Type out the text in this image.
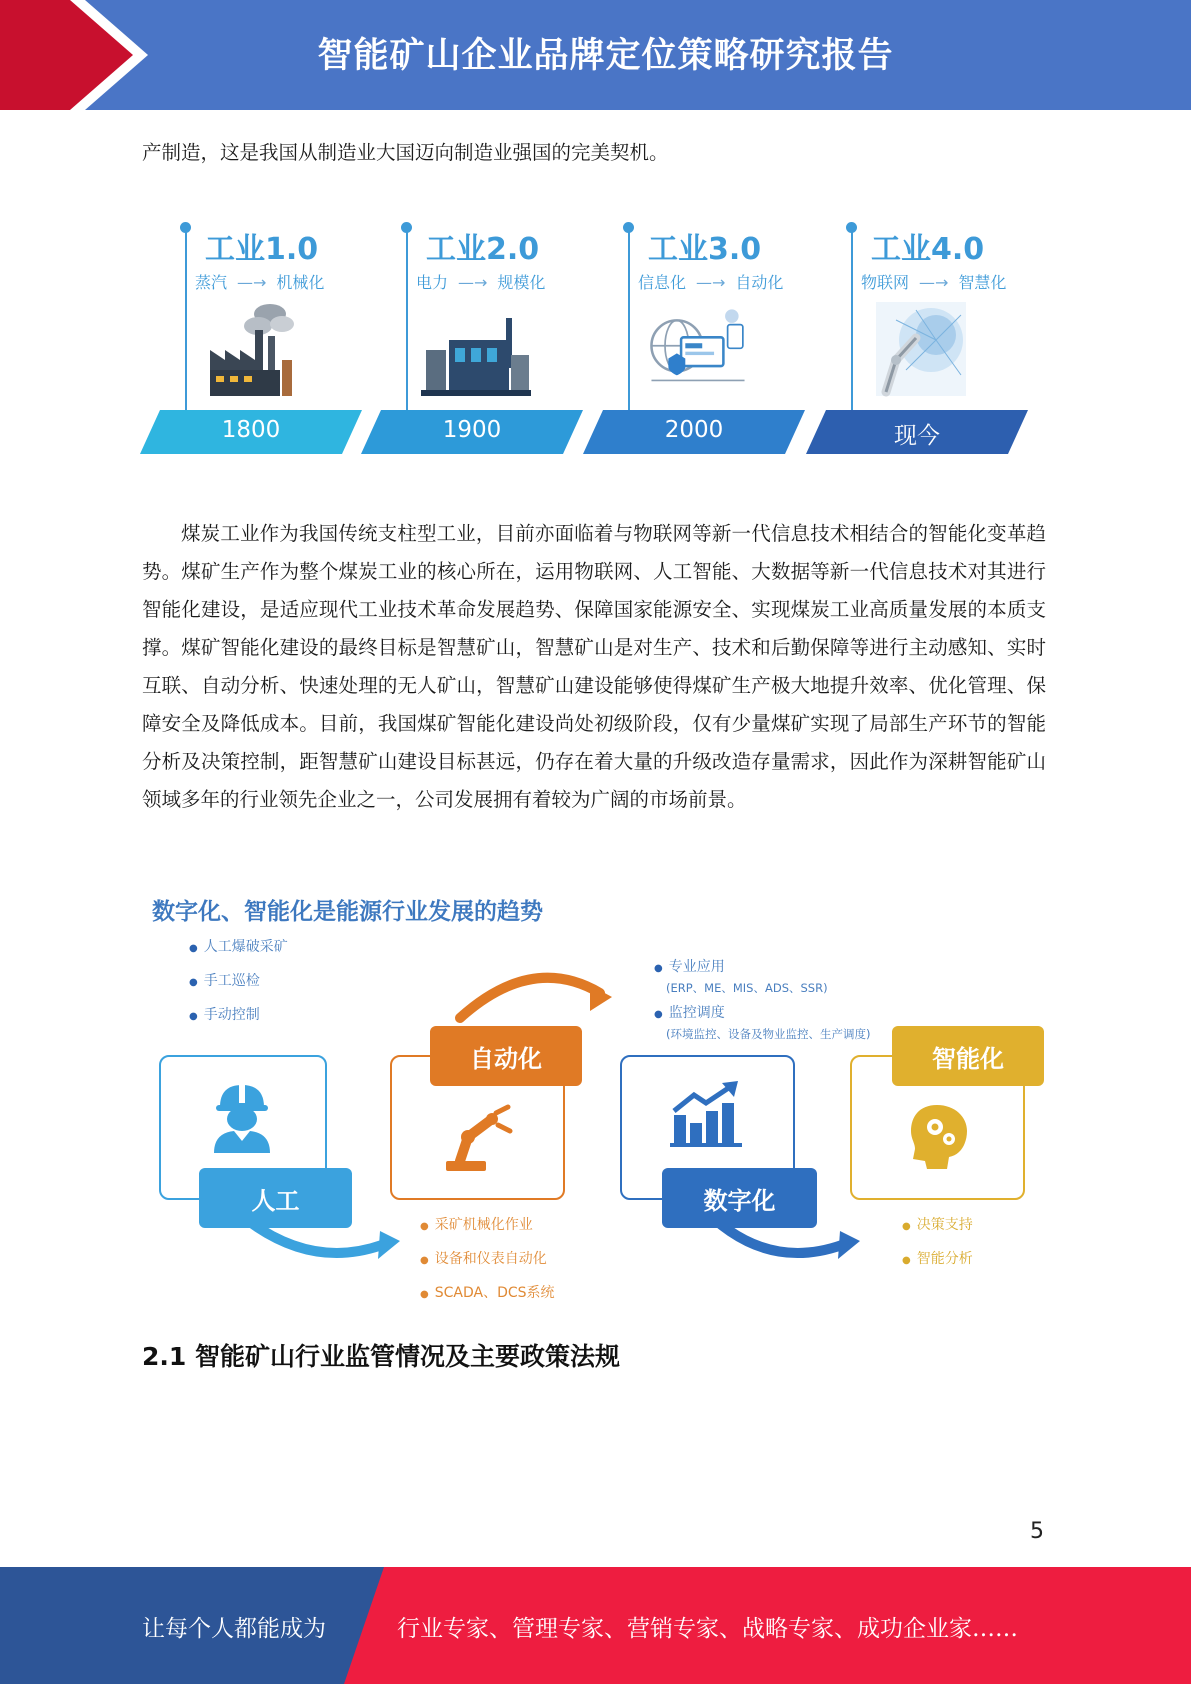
智能矿山企业品牌定位策略研究报告
产制造，这是我国从制造业大国迈向制造业强国的完美契机。
工业1.0
蒸汽 —→ 机械化
1800
工业2.0
电力 —→ 规模化
1900
工业3.0
信息化 —→ 自动化
2000
工业4.0
物联网 —→ 智慧化
现今
煤炭工业作为我国传统支柱型工业，目前亦面临着与物联网等新一代信息技术相结合的智能化变革趋势。煤矿生产作为整个煤炭工业的核心所在，运用物联网、人工智能、大数据等新一代信息技术对其进行智能化建设，是适应现代工业技术革命发展趋势、保障国家能源安全、实现煤炭工业高质量发展的本质支撑。煤矿智能化建设的最终目标是智慧矿山，智慧矿山是对生产、技术和后勤保障等进行主动感知、实时互联、自动分析、快速处理的无人矿山，智慧矿山建设能够使得煤矿生产极大地提升效率、优化管理、保障安全及降低成本。目前，我国煤矿智能化建设尚处初级阶段，仅有少量煤矿实现了局部生产环节的智能分析及决策控制，距智慧矿山建设目标甚远，仍存在着大量的升级改造存量需求，因此作为深耕智能矿山领域多年的行业领先企业之一，公司发展拥有着较为广阔的市场前景。
数字化、智能化是能源行业发展的趋势
● 人工爆破采矿
● 手工巡检
● 手动控制
● 专业应用
(ERP、ME、MIS、ADS、SSR)
● 监控调度
(环境监控、设备及物业监控、生产调度)
人工
自动化
● 采矿机械化作业
● 设备和仪表自动化
● SCADA、DCS系统
数字化
智能化
● 决策支持
● 智能分析
2.1 智能矿山行业监管情况及主要政策法规
5
让每个人都能成为	行业专家、管理专家、营销专家、战略专家、成功企业家……
